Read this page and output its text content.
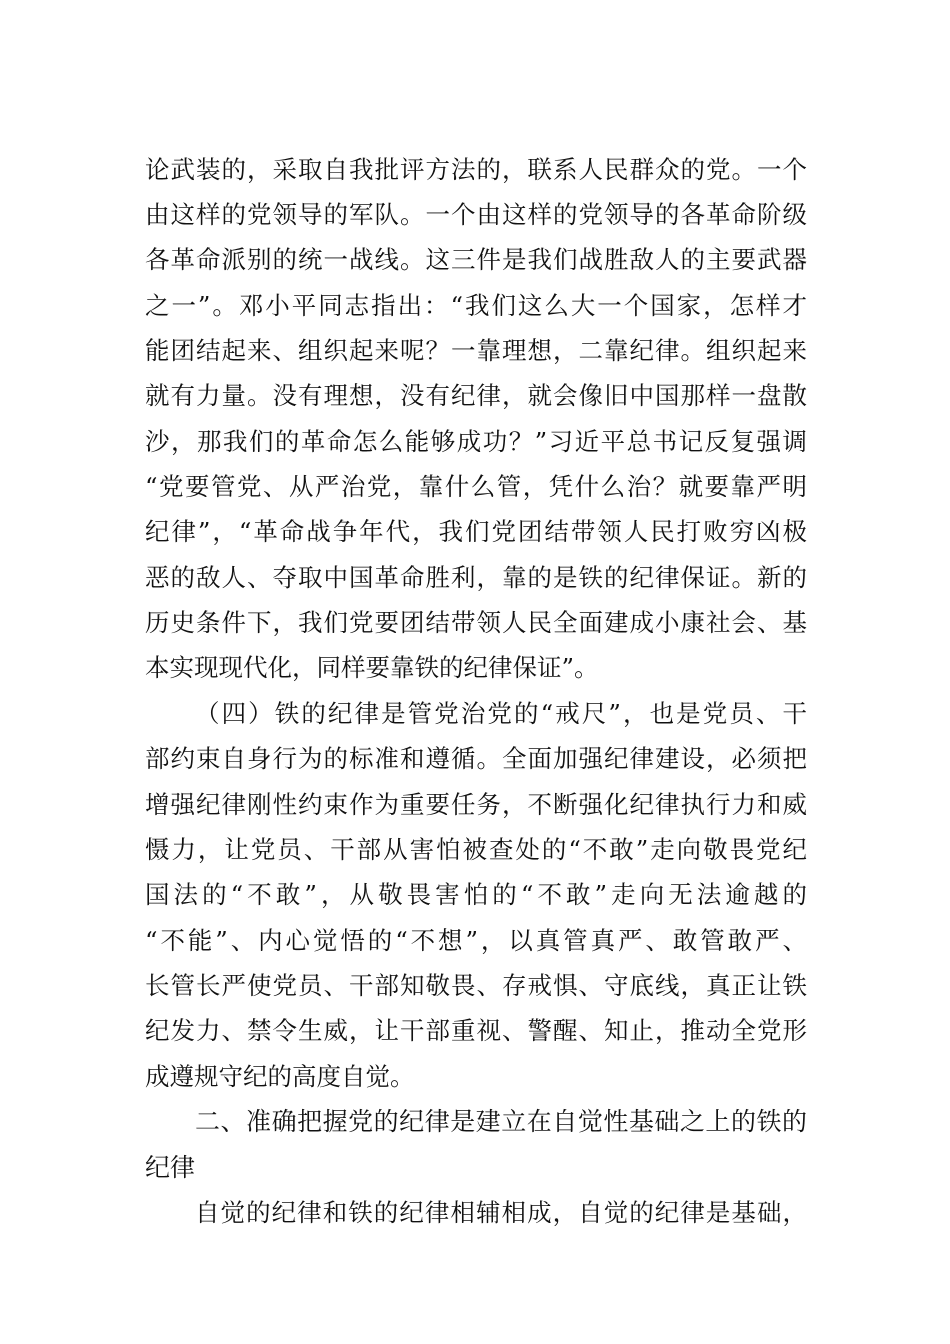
论武装的，采取自我批评方法的，联系人民群众的党。一个
由这样的党领导的军队。一个由这样的党领导的各革命阶级
各革命派别的统一战线。这三件是我们战胜敌人的主要武器
之一”。邓小平同志指出：“我们这么大一个国家，怎样才
能团结起来、组织起来呢？一靠理想，二靠纪律。组织起来
就有力量。没有理想，没有纪律，就会像旧中国那样一盘散
沙，那我们的革命怎么能够成功？”习近平总书记反复强调
“党要管党、从严治党，靠什么管，凭什么治？就要靠严明
纪律”，“革命战争年代，我们党团结带领人民打败穷凶极
恶的敌人、夺取中国革命胜利，靠的是铁的纪律保证。新的
历史条件下，我们党要团结带领人民全面建成小康社会、基
本实现现代化，同样要靠铁的纪律保证”。
（四）铁的纪律是管党治党的“戒尺”，也是党员、干
部约束自身行为的标准和遵循。全面加强纪律建设，必须把
增强纪律刚性约束作为重要任务，不断强化纪律执行力和威
慑力，让党员、干部从害怕被查处的“不敢”走向敬畏党纪
国法的“不敢”，从敬畏害怕的“不敢”走向无法逾越的
“不能”、内心觉悟的“不想”，以真管真严、敢管敢严、
长管长严使党员、干部知敬畏、存戒惧、守底线，真正让铁
纪发力、禁令生威，让干部重视、警醒、知止，推动全党形
成遵规守纪的高度自觉。
二、准确把握党的纪律是建立在自觉性基础之上的铁的
纪律
自觉的纪律和铁的纪律相辅相成，自觉的纪律是基础，
